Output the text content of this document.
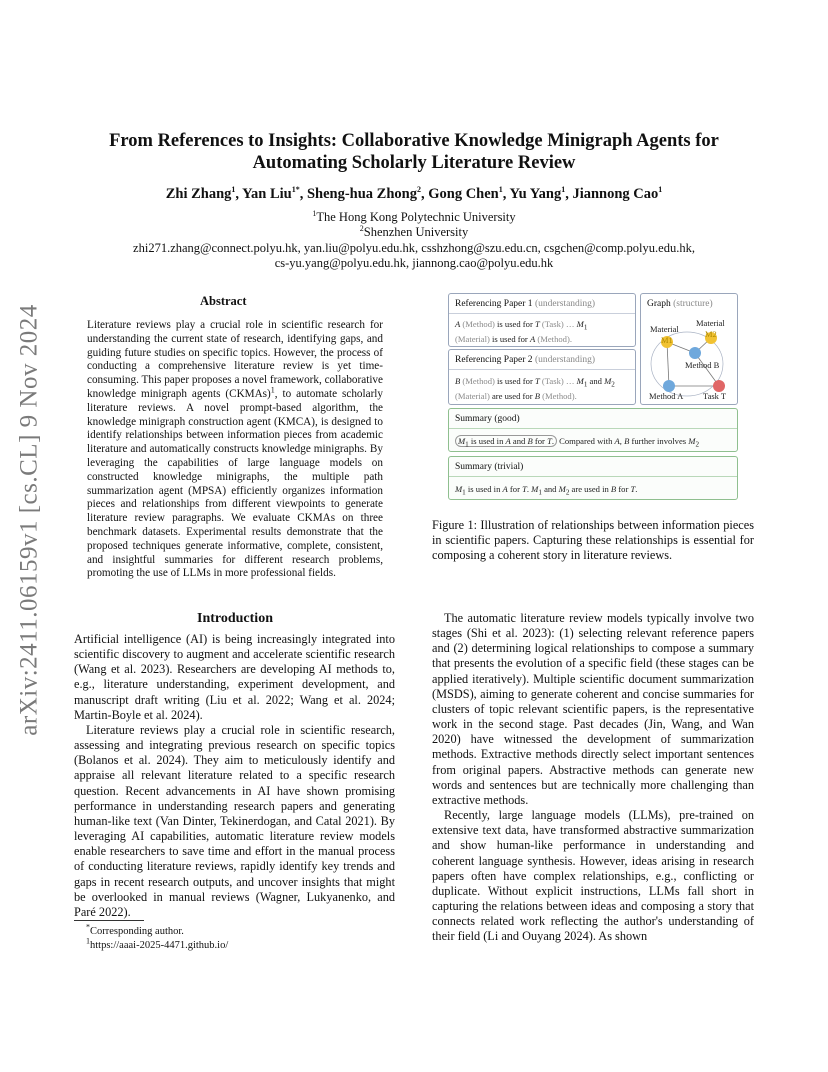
arXiv:2411.06159v1 [cs.CL] 9 Nov 2024
From References to Insights: Collaborative Knowledge Minigraph Agents for
Automating Scholarly Literature Review
Zhi Zhang$^1$, Yan Liu$^{1*}$, Sheng-hua Zhong$^2$, Gong Chen$^1$, Yu Yang$^1$, Jiannong Cao$^1$
$^1$The Hong Kong Polytechnic University
$^2$Shenzhen University
zhi271.zhang@connect.polyu.hk, yan.liu@polyu.edu.hk, csshzhong@szu.edu.cn, csgchen@comp.polyu.edu.hk,
cs-yu.yang@polyu.edu.hk, jiannong.cao@polyu.edu.hk
Abstract

Literature reviews play a crucial role in scientific research for understanding the current state of research, identifying gaps, and guiding future studies on specific topics. However, the process of conducting a comprehensive literature review is yet time-consuming. This paper proposes a novel framework, collaborative knowledge minigraph agents (CKMAs)$^1$, to automate scholarly literature reviews. A novel prompt-based algorithm, the knowledge minigraph construction agent (KMCA), is designed to identify relationships between information pieces from academic literature and automatically constructs knowledge minigraphs. By leveraging the capabilities of large language models on constructed knowledge minigraphs, the multiple path summarization agent (MPSA) efficiently organizes information pieces and relationships from different viewpoints to generate literature review paragraphs. We evaluate CKMAs on three benchmark datasets. Experimental results demonstrate that the proposed techniques generate informative, complete, consistent, and insightful summaries for different research problems, promoting the use of LLMs in more professional fields.

Introduction

Artificial intelligence (AI) is being increasingly integrated into scientific discovery to augment and accelerate scientific research (Wang et al. 2023). Researchers are developing AI methods to, e.g., literature understanding, experiment development, and manuscript draft writing (Liu et al. 2022; Wang et al. 2024; Martin-Boyle et al. 2024).

Literature reviews play a crucial role in scientific research, assessing and integrating previous research on specific topics (Bolanos et al. 2024). They aim to meticulously identify and appraise all relevant literature related to a specific research question. Recent advancements in AI have shown promising performance in understanding research papers and generating human-like text (Van Dinter, Tekinerdogan, and Catal 2021). By leveraging AI capabilities, automatic literature review models enable researchers to save time and effort in the manual process of conducting literature reviews, rapidly identify key trends and gaps in recent research outputs, and uncover insights that might be overlooked in manual reviews (Wagner, Lukyanenko, and Paré 2022).

*Corresponding author.
$^1$https://aaai-2025-4471.github.io/
Referencing Paper 1 (understanding)
A (Method) is used for T (Task) … $M_1$
(Material) is used for A (Method).
Referencing Paper 2 (understanding)
B (Method) is used for T (Task) … $M_1$ and $M_2$
(Material) are used for B (Method).
Graph (structure)
Material
Material
M1
M2
Method B
Method A Task T
Summary (good)
$M_1$ is used in A and B for T. Compared with A, B further involves $M_2$
Summary (trivial)
$M_1$ is used in A for T. $M_1$ and $M_2$ are used in B for T.
Figure 1: Illustration of relationships between information pieces in scientific papers. Capturing these relationships is essential for composing a coherent story in literature reviews.

The automatic literature review models typically involve two stages (Shi et al. 2023): (1) selecting relevant reference papers and (2) determining logical relationships to compose a summary that presents the evolution of a specific field (these stages can be applied iteratively). Multiple scientific document summarization (MSDS), aiming to generate coherent and concise summaries for clusters of topic relevant scientific papers, is the representative work in the second stage. Past decades (Jin, Wang, and Wan 2020) have witnessed the development of summarization methods. Extractive methods directly select important sentences from original papers. Abstractive methods can generate new words and sentences but are technically more challenging than extractive methods.

Recently, large language models (LLMs), pre-trained on extensive text data, have transformed abstractive summarization and show human-like performance in understanding and coherent language synthesis. However, ideas arising in research papers often have complex relationships, e.g., conflicting or duplicate. Without explicit instructions, LLMs fall short in capturing the relations between ideas and composing a story that connects related work reflecting the author's understanding of their field (Li and Ouyang 2024). As shown
